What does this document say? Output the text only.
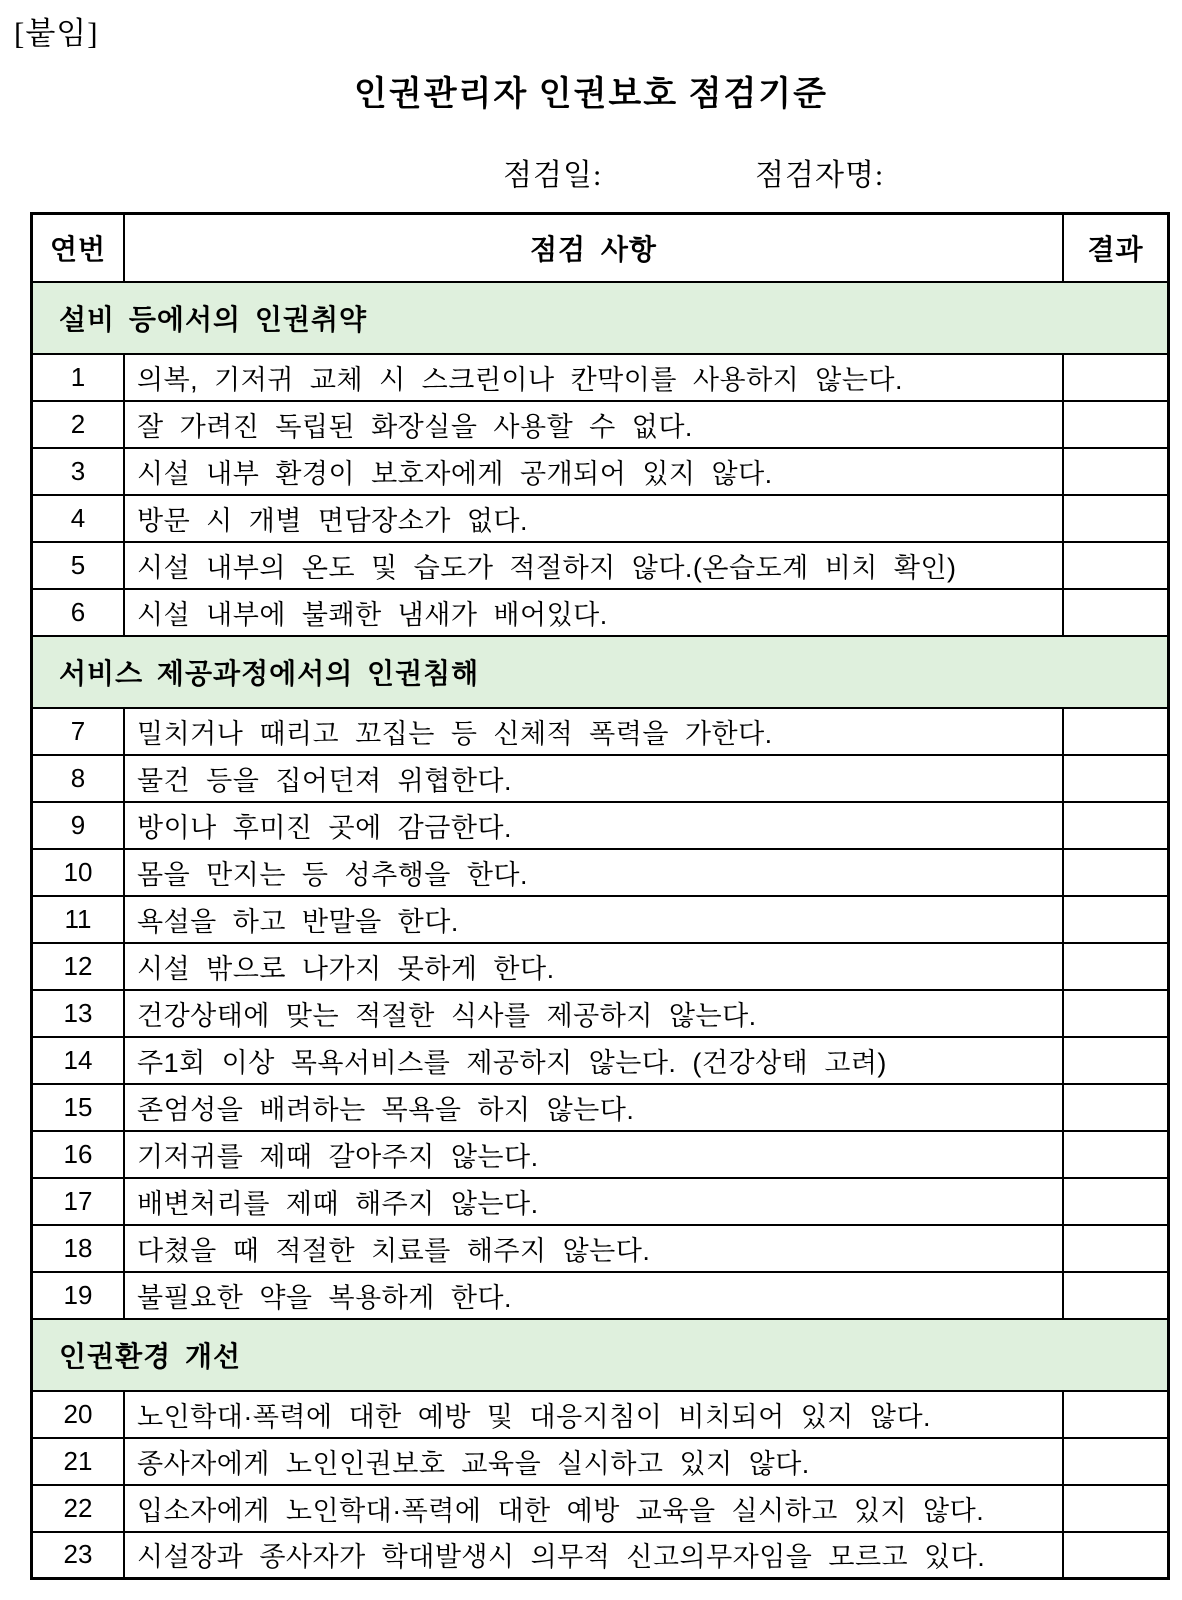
[붙임]
인권관리자 인권보호 점검기준
점검일:	점검자명:
연번	점검 사항	결과
설비 등에서의 인권취약		
1	의복, 기저귀 교체 시 스크린이나 칸막이를 사용하지 않는다.	
2	잘 가려진 독립된 화장실을 사용할 수 없다.	
3	시설 내부 환경이 보호자에게 공개되어 있지 않다.	
4	방문 시 개별 면담장소가 없다.	
5	시설 내부의 온도 및 습도가 적절하지 않다.(온습도계 비치 확인)	
6	시설 내부에 불쾌한 냄새가 배어있다.	
서비스 제공과정에서의 인권침해		
7	밀치거나 때리고 꼬집는 등 신체적 폭력을 가한다.	
8	물건 등을 집어던져 위협한다.	
9	방이나 후미진 곳에 감금한다.	
10	몸을 만지는 등 성추행을 한다.	
11	욕설을 하고 반말을 한다.	
12	시설 밖으로 나가지 못하게 한다.	
13	건강상태에 맞는 적절한 식사를 제공하지 않는다.	
14	주1회 이상 목욕서비스를 제공하지 않는다. (건강상태 고려)	
15	존엄성을 배려하는 목욕을 하지 않는다.	
16	기저귀를 제때 갈아주지 않는다.	
17	배변처리를 제때 해주지 않는다.	
18	다쳤을 때 적절한 치료를 해주지 않는다.	
19	불필요한 약을 복용하게 한다.	
인권환경 개선		
20	노인학대·폭력에 대한 예방 및 대응지침이 비치되어 있지 않다.	
21	종사자에게 노인인권보호 교육을 실시하고 있지 않다.	
22	입소자에게 노인학대·폭력에 대한 예방 교육을 실시하고 있지 않다.	
23	시설장과 종사자가 학대발생시 의무적 신고의무자임을 모르고 있다.	
